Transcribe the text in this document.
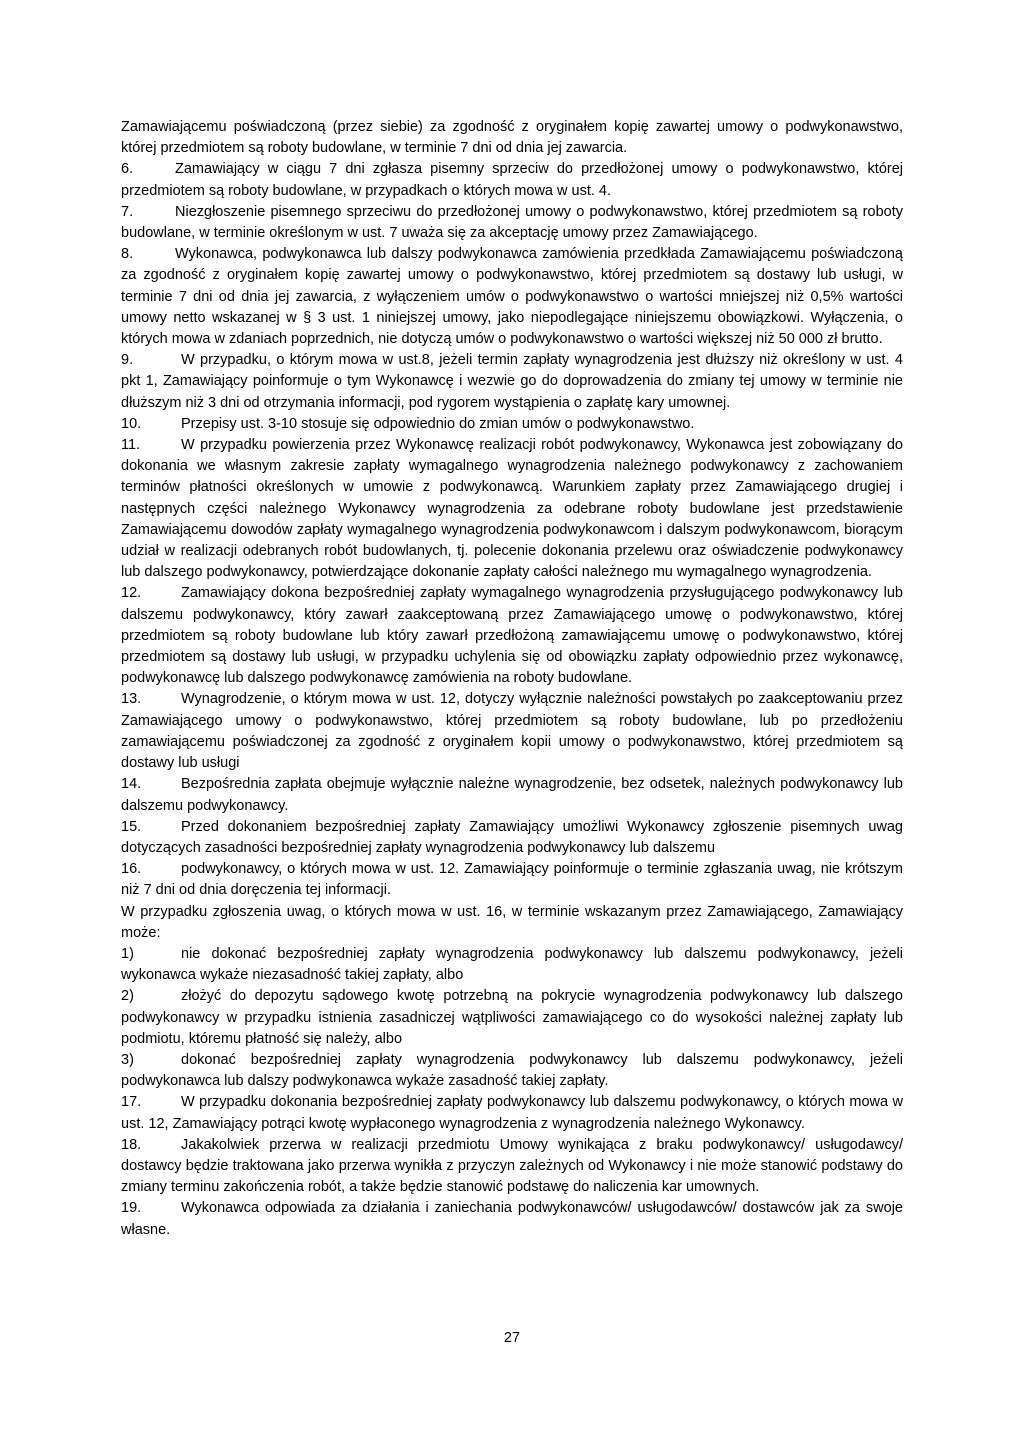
Zamawiającemu poświadczoną (przez siebie) za zgodność z oryginałem kopię zawartej umowy o podwykonawstwo, której przedmiotem są roboty budowlane, w terminie 7 dni od dnia jej zawarcia.

6.	Zamawiający w ciągu 7 dni zgłasza pisemny sprzeciw do przedłożonej umowy o podwykonawstwo, której przedmiotem są roboty budowlane, w przypadkach o których mowa w ust. 4.

7.	Niezgłoszenie pisemnego sprzeciwu do przedłożonej umowy o podwykonawstwo, której przedmiotem są roboty budowlane, w terminie określonym w ust. 7 uważa się za akceptację umowy przez Zamawiającego.

8.	Wykonawca, podwykonawca lub dalszy podwykonawca zamówienia przedkłada Zamawiającemu poświadczoną za zgodność z oryginałem kopię zawartej umowy o podwykonawstwo, której przedmiotem są dostawy lub usługi, w terminie 7 dni od dnia jej zawarcia, z wyłączeniem umów o podwykonawstwo o wartości mniejszej niż 0,5% wartości umowy netto wskazanej w § 3 ust. 1 niniejszej umowy, jako niepodlegające niniejszemu obowiązkowi. Wyłączenia, o których mowa w zdaniach poprzednich, nie dotyczą umów o podwykonawstwo o wartości większej niż 50 000 zł brutto.

9.	W przypadku, o którym mowa w ust.8, jeżeli termin zapłaty wynagrodzenia jest dłuższy niż określony w ust. 4 pkt 1, Zamawiający poinformuje o tym Wykonawcę i wezwie go do doprowadzenia do zmiany tej umowy w terminie nie dłuższym niż 3 dni od otrzymania informacji, pod rygorem wystąpienia o zapłatę kary umownej.

10.	Przepisy ust. 3-10 stosuje się odpowiednio do zmian umów o podwykonawstwo.

11.	W przypadku powierzenia przez Wykonawcę realizacji robót podwykonawcy, Wykonawca jest zobowiązany do dokonania we własnym zakresie zapłaty wymagalnego wynagrodzenia należnego podwykonawcy z zachowaniem terminów płatności określonych w umowie z podwykonawcą. Warunkiem zapłaty przez Zamawiającego drugiej i następnych części należnego Wykonawcy wynagrodzenia za odebrane roboty budowlane jest przedstawienie Zamawiającemu dowodów zapłaty wymagalnego wynagrodzenia podwykonawcom i dalszym podwykonawcom, biorącym udział w realizacji odebranych robót budowlanych, tj. polecenie dokonania przelewu oraz oświadczenie podwykonawcy lub dalszego podwykonawcy, potwierdzające dokonanie zapłaty całości należnego mu wymagalnego wynagrodzenia.

12.	Zamawiający dokona bezpośredniej zapłaty wymagalnego wynagrodzenia przysługującego podwykonawcy lub dalszemu podwykonawcy, który zawarł zaakceptowaną przez Zamawiającego umowę o podwykonawstwo, której przedmiotem są roboty budowlane lub który zawarł przedłożoną zamawiającemu umowę o podwykonawstwo, której przedmiotem są dostawy lub usługi, w przypadku uchylenia się od obowiązku zapłaty odpowiednio przez wykonawcę, podwykonawcę lub dalszego podwykonawcę zamówienia na roboty budowlane.

13.	Wynagrodzenie, o którym mowa w ust. 12, dotyczy wyłącznie należności powstałych po zaakceptowaniu przez Zamawiającego umowy o podwykonawstwo, której przedmiotem są roboty budowlane, lub po przedłożeniu zamawiającemu poświadczonej za zgodność z oryginałem kopii umowy o podwykonawstwo, której przedmiotem są dostawy lub usługi

14.	Bezpośrednia zapłata obejmuje wyłącznie należne wynagrodzenie, bez odsetek, należnych podwykonawcy lub dalszemu podwykonawcy.

15.	Przed dokonaniem bezpośredniej zapłaty Zamawiający umożliwi Wykonawcy zgłoszenie pisemnych uwag dotyczących zasadności bezpośredniej zapłaty wynagrodzenia podwykonawcy lub dalszemu

16.	podwykonawcy, o których mowa w ust. 12. Zamawiający poinformuje o terminie zgłaszania uwag, nie krótszym niż 7 dni od dnia doręczenia tej informacji.

W przypadku zgłoszenia uwag, o których mowa w ust. 16, w terminie wskazanym przez Zamawiającego, Zamawiający może:

1)	nie dokonać bezpośredniej zapłaty wynagrodzenia podwykonawcy lub dalszemu podwykonawcy, jeżeli wykonawca wykaże niezasadność takiej zapłaty, albo

2)	złożyć do depozytu sądowego kwotę potrzebną na pokrycie wynagrodzenia podwykonawcy lub dalszego podwykonawcy w przypadku istnienia zasadniczej wątpliwości zamawiającego co do wysokości należnej zapłaty lub podmiotu, któremu płatność się należy, albo

3)	dokonać bezpośredniej zapłaty wynagrodzenia podwykonawcy lub dalszemu podwykonawcy, jeżeli podwykonawca lub dalszy podwykonawca wykaże zasadność takiej zapłaty.

17.	W przypadku dokonania bezpośredniej zapłaty podwykonawcy lub dalszemu podwykonawcy, o których mowa w ust. 12, Zamawiający potrąci kwotę wypłaconego wynagrodzenia z wynagrodzenia należnego Wykonawcy.

18.	Jakakolwiek przerwa w realizacji przedmiotu Umowy wynikająca z braku podwykonawcy/ usługodawcy/ dostawcy będzie traktowana jako przerwa wynikła z przyczyn zależnych od Wykonawcy i nie może stanowić podstawy do zmiany terminu zakończenia robót, a także będzie stanowić podstawę do naliczenia kar umownych.

19.	Wykonawca odpowiada za działania i zaniechania podwykonawców/ usługodawców/ dostawców jak za swoje własne.

27
